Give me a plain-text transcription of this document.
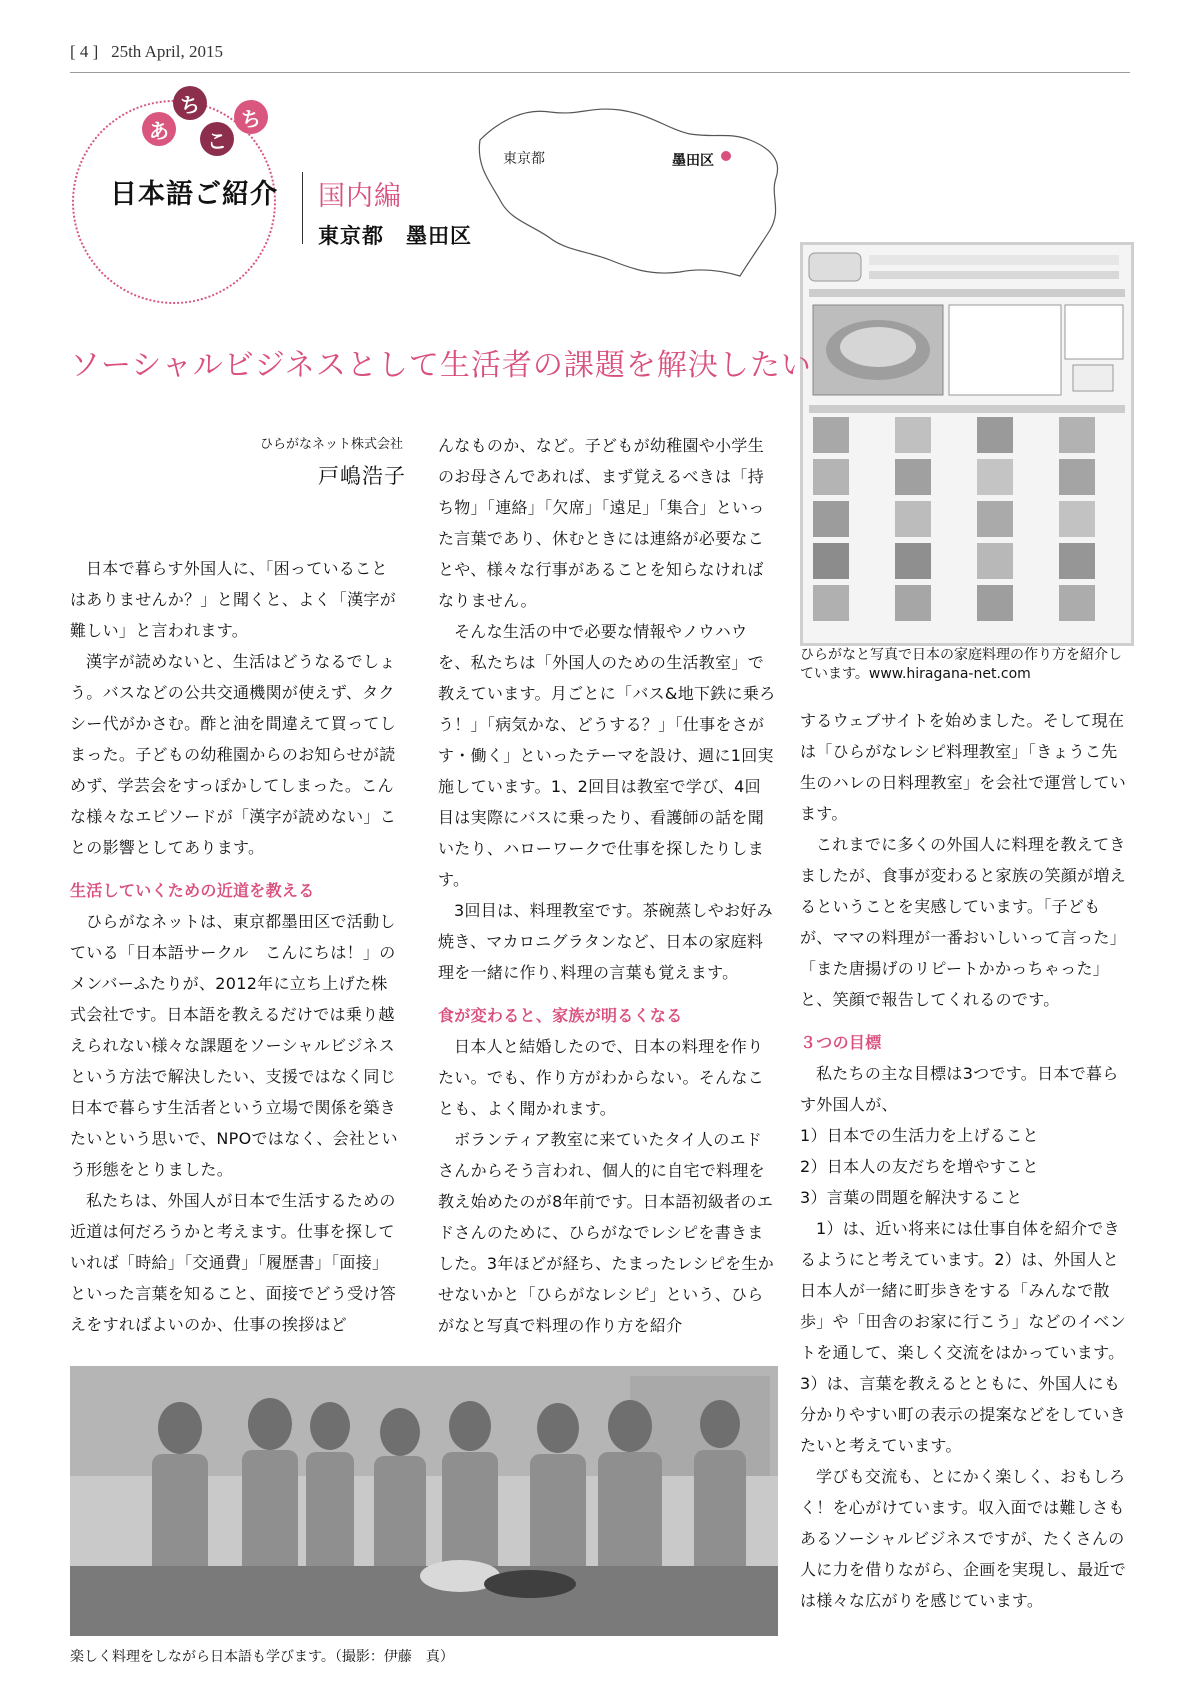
[ 4 ] 25th April, 2015
あ
ち
こ
ち
日本語ご紹介 国内編
東京都　墨田区
東京都	墨田区
ひらがなと写真で日本の家庭料理の作り方を紹介しています。www.hiragana-net.com
ソーシャルビジネスとして生活者の課題を解決したい
ひらがなネット株式会社
戸嶋浩子

日本で暮らす外国人に、「困っていることはありませんか？」と聞くと、よく「漢字が難しい」と言われます。

漢字が読めないと、生活はどうなるでしょう。バスなどの公共交通機関が使えず、タクシー代がかさむ。酢と油を間違えて買ってしまった。子どもの幼稚園からのお知らせが読めず、学芸会をすっぽかしてしまった。こんな様々なエピソードが「漢字が読めない」ことの影響としてあります。

生活していくための近道を教える

ひらがなネットは、東京都墨田区で活動している「日本語サークル　こんにちは！」のメンバーふたりが、2012年に立ち上げた株式会社です。日本語を教えるだけでは乗り越えられない様々な課題をソーシャルビジネスという方法で解決したい、支援ではなく同じ日本で暮らす生活者という立場で関係を築きたいという思いで、NPOではなく、会社という形態をとりました。

私たちは、外国人が日本で生活するための近道は何だろうかと考えます。仕事を探していれば「時給」「交通費」「履歴書」「面接」といった言葉を知ること、面接でどう受け答えをすればよいのか、仕事の挨拶はど

んなものか、など。子どもが幼稚園や小学生のお母さんであれば、まず覚えるべきは「持ち物」「連絡」「欠席」「遠足」「集合」といった言葉であり、休むときには連絡が必要なことや、様々な行事があることを知らなければなりません。

そんな生活の中で必要な情報やノウハウを、私たちは「外国人のための生活教室」で教えています。月ごとに「バス&地下鉄に乗ろう！」「病気かな、どうする？」「仕事をさがす・働く」といったテーマを設け、週に1回実施しています。1、2回目は教室で学び、4回目は実際にバスに乗ったり、看護師の話を聞いたり、ハローワークで仕事を探したりします。

3回目は、料理教室です。茶碗蒸しやお好み焼き、マカロニグラタンなど、日本の家庭料理を一緒に作り､料理の言葉も覚えます。

食が変わると、家族が明るくなる

日本人と結婚したので、日本の料理を作りたい。でも、作り方がわからない。そんなことも、よく聞かれます。

ボランティア教室に来ていたタイ人のエドさんからそう言われ、個人的に自宅で料理を教え始めたのが8年前です。日本語初級者のエドさんのために、ひらがなでレシピを書きました。3年ほどが経ち、たまったレシピを生かせないかと「ひらがなレシピ」という、ひらがなと写真で料理の作り方を紹介

するウェブサイトを始めました。そして現在は「ひらがなレシピ料理教室」「きょうこ先生のハレの日料理教室」を会社で運営しています。

これまでに多くの外国人に料理を教えてきましたが、食事が変わると家族の笑顔が増えるということを実感しています。「子どもが、ママの料理が一番おいしいって言った」「また唐揚げのリピートかかっちゃった」と、笑顔で報告してくれるのです。

３つの目標

私たちの主な目標は3つです。日本で暮らす外国人が、

1）日本での生活力を上げること

2）日本人の友だちを増やすこと

3）言葉の問題を解決すること

1）は、近い将来には仕事自体を紹介できるようにと考えています。2）は、外国人と日本人が一緒に町歩きをする「みんなで散歩」や「田舎のお家に行こう」などのイベントを通して、楽しく交流をはかっています。3）は、言葉を教えるとともに、外国人にも分かりやすい町の表示の提案などをしていきたいと考えています。

学びも交流も、とにかく楽しく、おもしろく！を心がけています。収入面では難しさもあるソーシャルビジネスですが、たくさんの人に力を借りながら、企画を実現し、最近では様々な広がりを感じています。

楽しく料理をしながら日本語も学びます。（撮影：伊藤　真）
